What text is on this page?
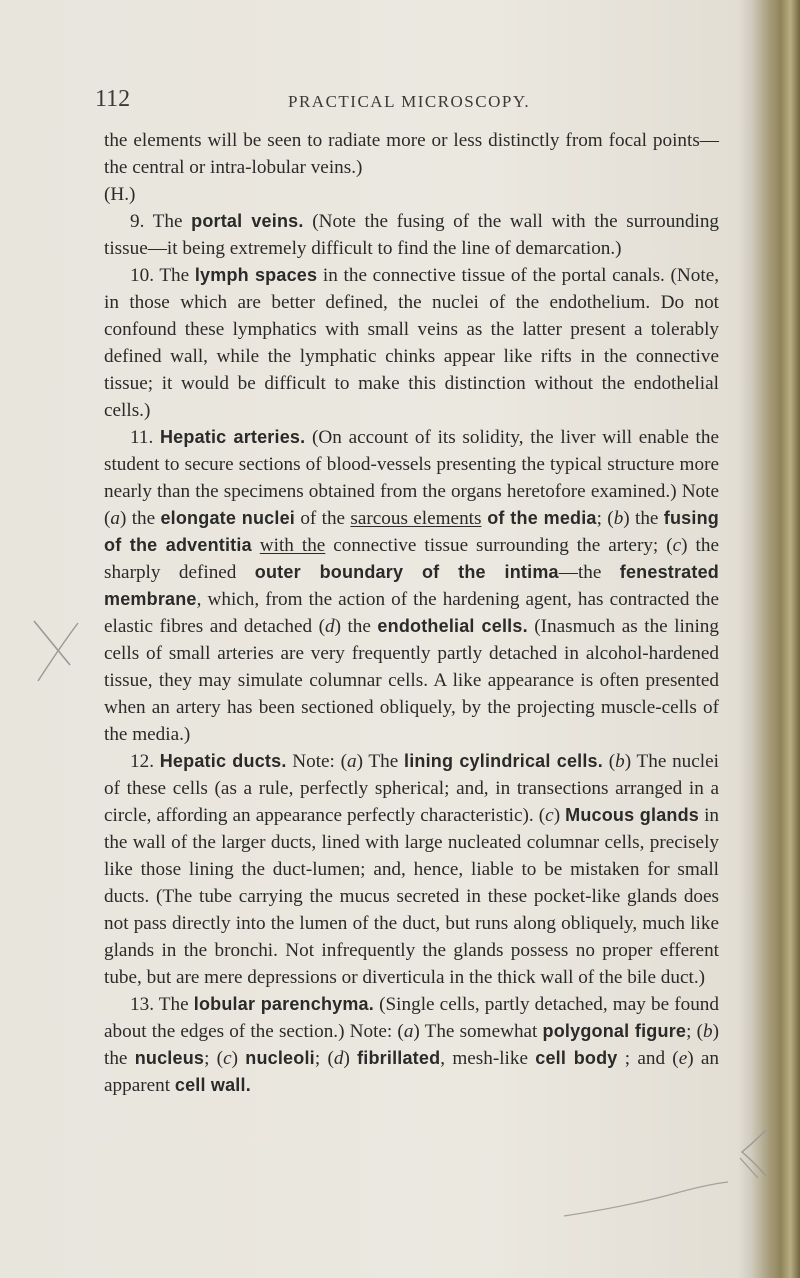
112	PRACTICAL MICROSCOPY.

the elements will be seen to radiate more or less distinctly from focal points—the central or intra-lobular veins.)

(H.)

9. The portal veins. (Note the fusing of the wall with the surrounding tissue—it being extremely difficult to find the line of demarcation.)

10. The lymph spaces in the connective tissue of the portal canals. (Note, in those which are better defined, the nuclei of the endothelium. Do not confound these lymphatics with small veins as the latter present a tolerably defined wall, while the lymphatic chinks appear like rifts in the connective tissue; it would be difficult to make this distinction without the endothelial cells.)

11. Hepatic arteries. (On account of its solidity, the liver will enable the student to secure sections of blood-vessels presenting the typical structure more nearly than the specimens obtained from the organs heretofore examined.) Note (a) the elongate nuclei of the sarcous elements of the media; (b) the fusing of the adventitia with the connective tissue surrounding the artery; (c) the sharply defined outer boundary of the intima—the fenestrated membrane, which, from the action of the hardening agent, has contracted the elastic fibres and detached (d) the endothelial cells. (Inasmuch as the lining cells of small arteries are very frequently partly detached in alcohol-hardened tissue, they may simulate columnar cells. A like appearance is often presented when an artery has been sectioned obliquely, by the projecting muscle-cells of the media.)

12. Hepatic ducts. Note: (a) The lining cylindrical cells. (b) The nuclei of these cells (as a rule, perfectly spherical; and, in transections arranged in a circle, affording an appearance perfectly characteristic). (c) Mucous glands in the wall of the larger ducts, lined with large nucleated columnar cells, precisely like those lining the duct-lumen; and, hence, liable to be mistaken for small ducts. (The tube carrying the mucus secreted in these pocket-like glands does not pass directly into the lumen of the duct, but runs along obliquely, much like glands in the bronchi. Not infrequently the glands possess no proper efferent tube, but are mere depressions or diverticula in the thick wall of the bile duct.)

13. The lobular parenchyma. (Single cells, partly detached, may be found about the edges of the section.) Note: (a) The somewhat polygonal figure; (b) the nucleus; (c) nucleoli; (d) fibrillated, mesh-like cell body ; and (e) an apparent cell wall.
